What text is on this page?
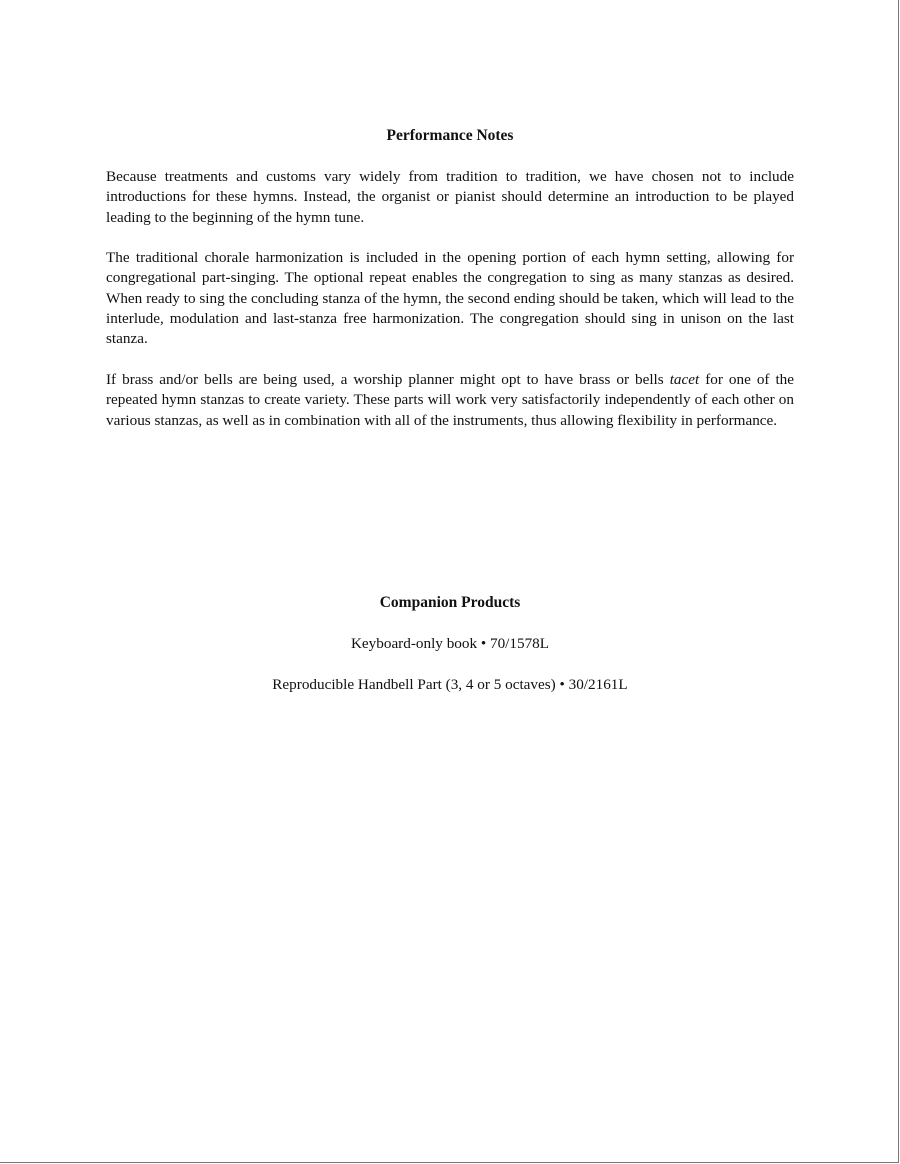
Performance Notes

Because treatments and customs vary widely from tradition to tradition, we have chosen not to include introductions for these hymns. Instead, the organist or pianist should determine an introduction to be played leading to the beginning of the hymn tune.

The traditional chorale harmonization is included in the opening portion of each hymn setting, allowing for congregational part-singing. The optional repeat enables the congregation to sing as many stanzas as desired. When ready to sing the concluding stanza of the hymn, the second ending should be taken, which will lead to the interlude, modulation and last-stanza free harmonization. The congregation should sing in unison on the last stanza.

If brass and/or bells are being used, a worship planner might opt to have brass or bells tacet for one of the repeated hymn stanzas to create variety. These parts will work very satisfactorily independently of each other on various stanzas, as well as in combination with all of the instruments, thus allowing flexibility in performance.

Companion Products

Keyboard-only book • 70/1578L

Reproducible Handbell Part (3, 4 or 5 octaves) • 30/2161L
